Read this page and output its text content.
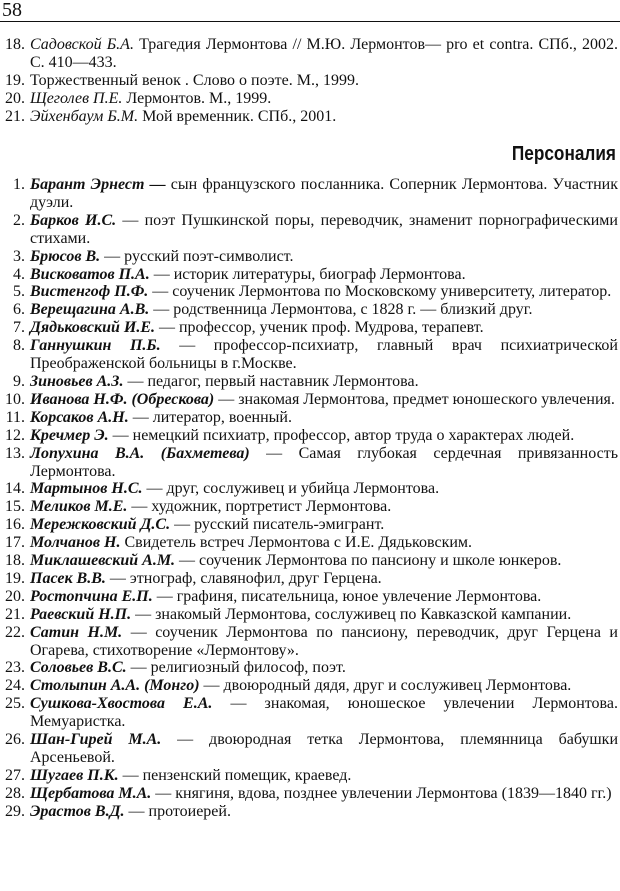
58
18. Садовской Б.А. Трагедия Лермонтова // М.Ю. Лермонтов— pro et contra. СПб., 2002. С. 410—433.
19. Торжественный венок . Слово о поэте. М., 1999.
20. Щеголев П.Е. Лермонтов. М., 1999.
21. Эйхенбаум Б.М. Мой временник. СПб., 2001.
Персоналия
1. Барант Эрнест — сын французского посланника. Соперник Лермонтова. Участник дуэли.
2. Барков И.С. — поэт Пушкинской поры, переводчик, знаменит порнографическими стихами.
3. Брюсов В. — русский поэт-символист.
4. Висковатов П.А. — историк литературы, биограф Лермонтова.
5. Вистенгоф П.Ф. — соученик Лермонтова по Московскому университету, литератор.
6. Верещагина А.В. — родственница Лермонтова, с 1828 г. — близкий друг.
7. Дядьковский И.Е. — профессор, ученик проф. Мудрова, терапевт.
8. Ганнушкин П.Б. — профессор-психиатр, главный врач психиатрической Преображенской больницы в г.Москве.
9. Зиновьев А.З. — педагог, первый наставник Лермонтова.
10. Иванова Н.Ф. (Обрескова) — знакомая Лермонтова, предмет юношеского увлечения.
11. Корсаков А.Н. — литератор, военный.
12. Кречмер Э. — немецкий психиатр, профессор, автор труда о характерах людей.
13. Лопухина В.А. (Бахметева) — Самая глубокая сердечная привязанность Лермонтова.
14. Мартынов Н.С. — друг, сослуживец и убийца Лермонтова.
15. Меликов М.Е. — художник, портретист Лермонтова.
16. Мережковский Д.С. — русский писатель-эмигрант.
17. Молчанов Н. Свидетель встреч Лермонтова с И.Е. Дядьковским.
18. Миклашевский А.М. — соученик Лермонтова по пансиону и школе юнкеров.
19. Пасек В.В. — этнограф, славянофил, друг Герцена.
20. Ростопчина Е.П. — графиня, писательница, юное увлечение Лермонтова.
21. Раевский Н.П. — знакомый Лермонтова, сослуживец по Кавказской кампании.
22. Сатин Н.М. — соученик Лермонтова по пансиону, переводчик, друг Герцена и Огарева, стихотворение «Лермонтову».
23. Соловьев В.С. — религиозный философ, поэт.
24. Столыпин А.А. (Монго) — двоюродный дядя, друг и сослуживец Лермонтова.
25. Сушкова-Хвостова Е.А. — знакомая, юношеское увлечении Лермонтова. Мемуаристка.
26. Шан-Гирей М.А. — двоюродная тетка Лермонтова, племянница бабушки Арсеньевой.
27. Шугаев П.К. — пензенский помещик, краевед.
28. Щербатова М.А. — княгиня, вдова, позднее увлечении Лермонтова (1839—1840 гг.)
29. Эрастов В.Д. — протоиерей.
